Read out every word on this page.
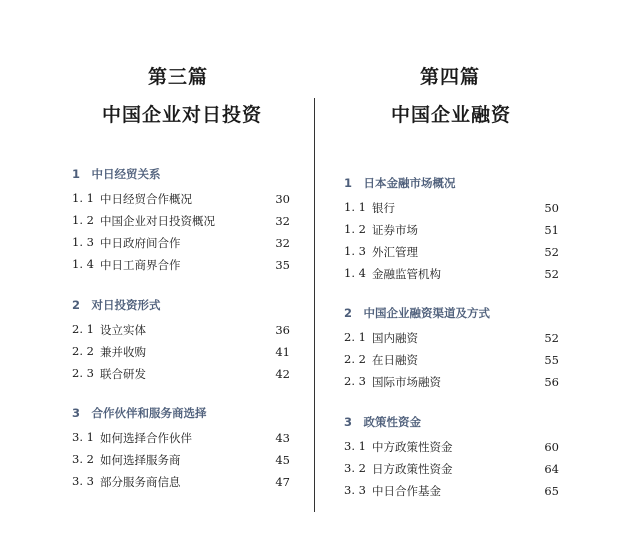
第三篇
中国企业对日投资
第四篇
中国企业融资
1　中日经贸关系
1. 1 中日经贸合作概况	30
1. 2 中国企业对日投资概况	32
1. 3 中日政府间合作	32
1. 4 中日工商界合作	35
2　对日投资形式
2. 1 设立实体	36
2. 2 兼并收购	41
2. 3 联合研发	42
3　合作伙伴和服务商选择
3. 1 如何选择合作伙伴	43
3. 2 如何选择服务商	45
3. 3 部分服务商信息	47
1　日本金融市场概况
1. 1 银行	50
1. 2 证券市场	51
1. 3 外汇管理	52
1. 4 金融监管机构	52
2　中国企业融资渠道及方式
2. 1 国内融资	52
2. 2 在日融资	55
2. 3 国际市场融资	56
3　政策性资金
3. 1 中方政策性资金	60
3. 2 日方政策性资金	64
3. 3 中日合作基金	65
